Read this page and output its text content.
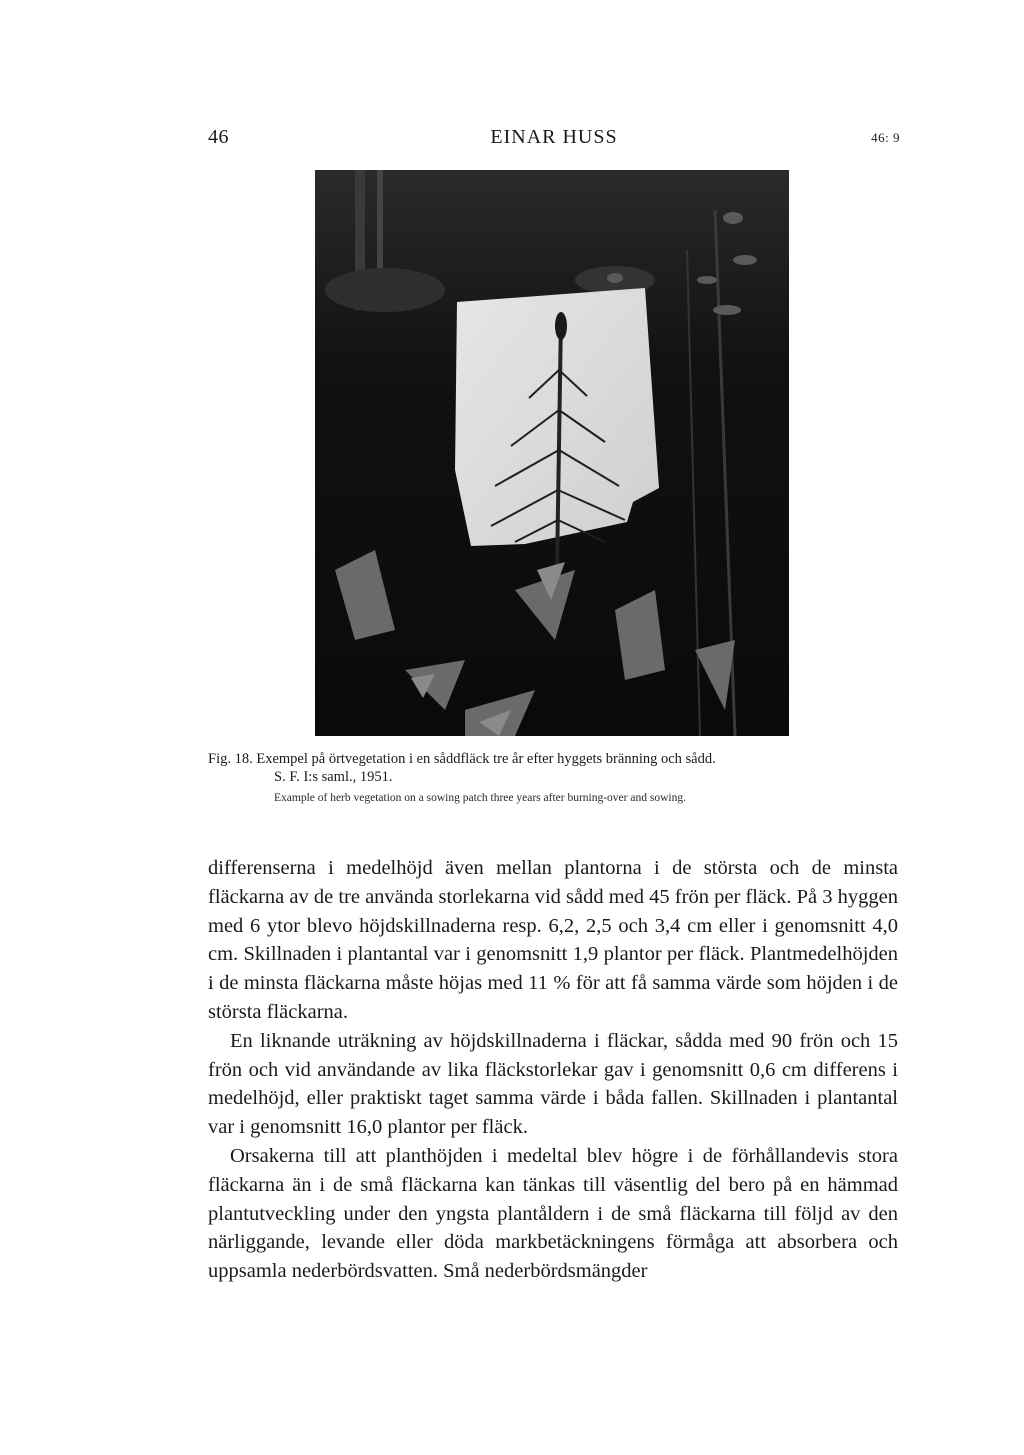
46	EINAR HUSS	46: 9
Fig. 18. Exempel på örtvegetation i en såddfläck tre år efter hyggets bränning och sådd.
S. F. I:s saml., 1951.
Example of herb vegetation on a sowing patch three years after burning-over and sowing.

differenserna i medelhöjd även mellan plantorna i de största och de minsta fläckarna av de tre använda storlekarna vid sådd med 45 frön per fläck. På 3 hyggen med 6 ytor blevo höjdskillnaderna resp. 6,2, 2,5 och 3,4 cm eller i genomsnitt 4,0 cm. Skillnaden i plantantal var i genomsnitt 1,9 plantor per fläck. Plantmedelhöjden i de minsta fläckarna måste höjas med 11 % för att få samma värde som höjden i de största fläckarna.

En liknande uträkning av höjdskillnaderna i fläckar, sådda med 90 frön och 15 frön och vid användande av lika fläckstorlekar gav i genomsnitt 0,6 cm differens i medelhöjd, eller praktiskt taget samma värde i båda fallen. Skillnaden i plantantal var i genomsnitt 16,0 plantor per fläck.

Orsakerna till att planthöjden i medeltal blev högre i de förhållandevis stora fläckarna än i de små fläckarna kan tänkas till väsentlig del bero på en hämmad plantutveckling under den yngsta plantåldern i de små fläckarna till följd av den närliggande, levande eller döda markbetäckningens förmåga att absorbera och uppsamla nederbördsvatten. Små nederbördsmängder
